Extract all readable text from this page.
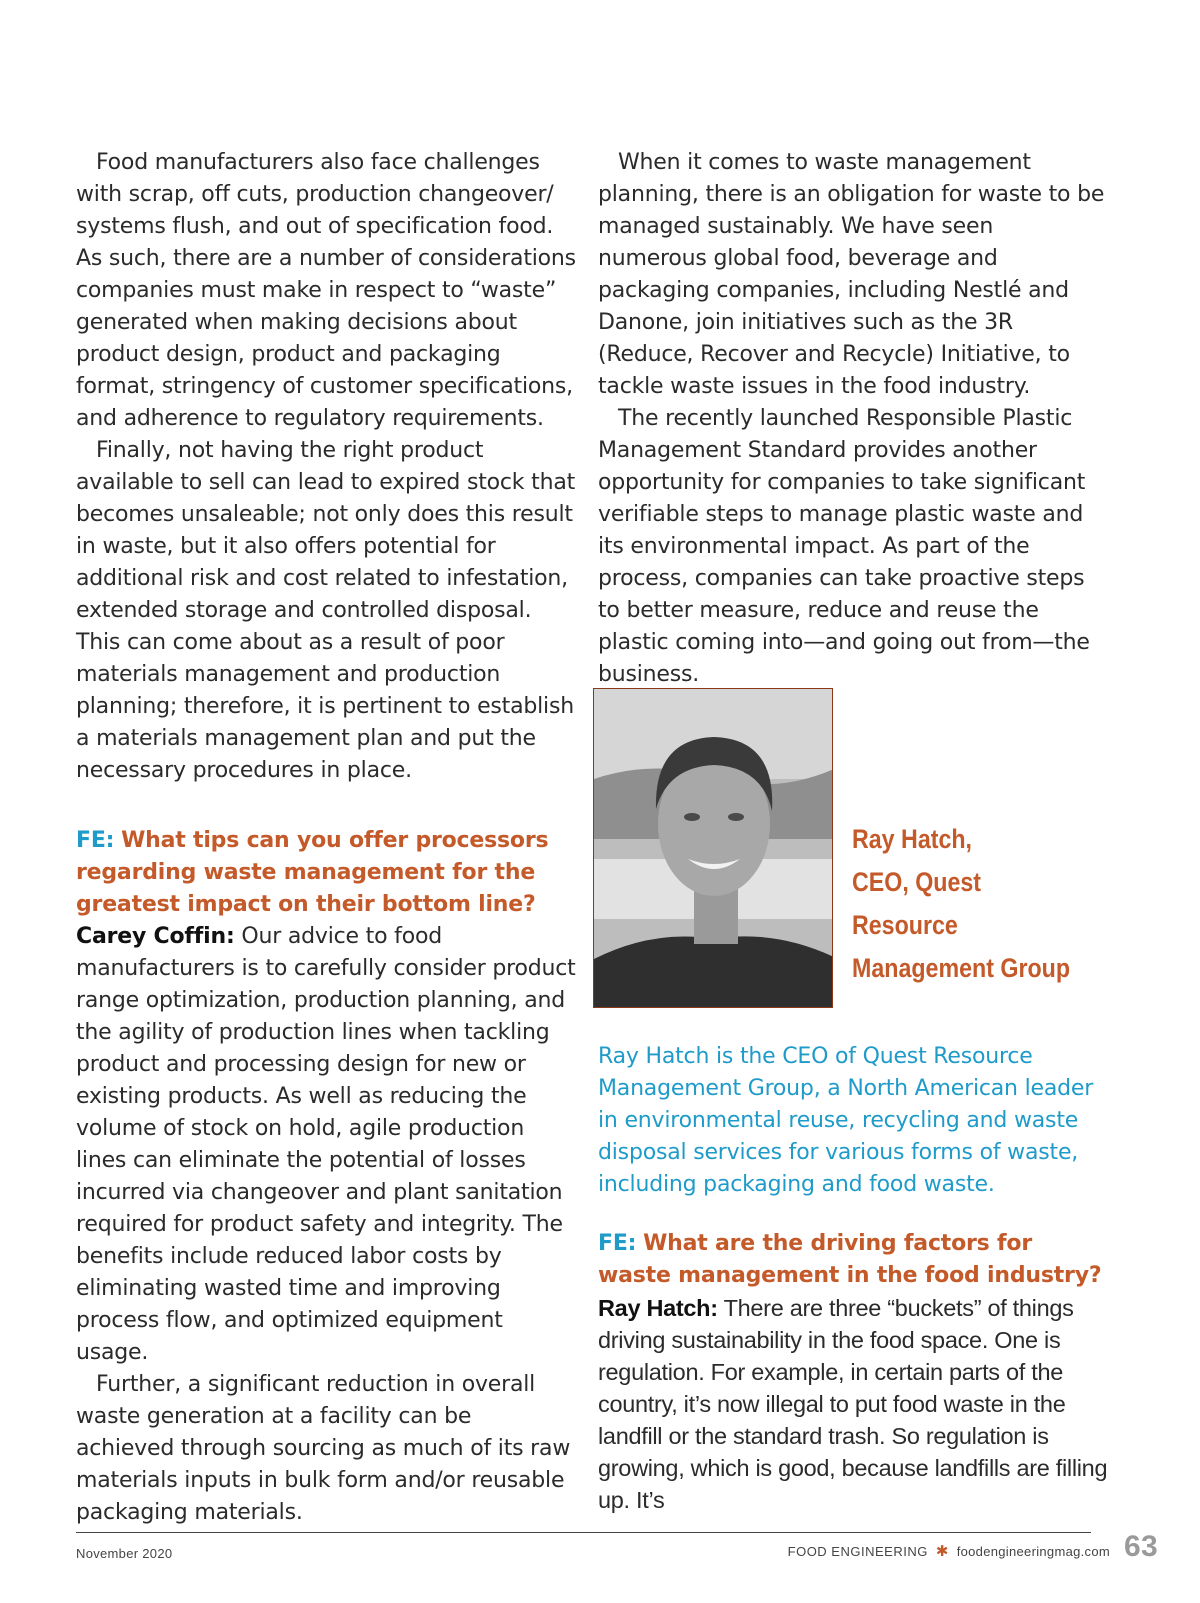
Food manufacturers also face challenges with scrap, off cuts, production changeover/ systems flush, and out of specification food. As such, there are a number of considerations companies must make in respect to “waste” generated when making decisions about product design, product and packaging format, stringency of customer specifications, and adherence to regulatory requirements.

Finally, not having the right product available to sell can lead to expired stock that becomes unsaleable; not only does this result in waste, but it also offers potential for additional risk and cost related to infestation, extended storage and controlled disposal. This can come about as a result of poor materials management and production planning; therefore, it is pertinent to establish a materials management plan and put the necessary procedures in place.

FE: What tips can you offer processors regarding waste management for the greatest impact on their bottom line?

Carey Coffin: Our advice to food manufacturers is to carefully consider product range optimization, production planning, and the agility of production lines when tackling product and processing design for new or existing products. As well as reducing the volume of stock on hold, agile production lines can eliminate the potential of losses incurred via changeover and plant sanitation required for product safety and integrity. The benefits include reduced labor costs by eliminating wasted time and improving process flow, and optimized equipment usage.

Further, a significant reduction in overall waste generation at a facility can be achieved through sourcing as much of its raw materials inputs in bulk form and/or reusable packaging materials.

When it comes to waste management planning, there is an obligation for waste to be managed sustainably. We have seen numerous global food, beverage and packaging companies, including Nestlé and Danone, join initiatives such as the 3R (Reduce, Recover and Recycle) Initiative, to tackle waste issues in the food industry.

The recently launched Responsible Plastic Management Standard provides another opportunity for companies to take significant verifiable steps to manage plastic waste and its environmental impact. As part of the process, companies can take proactive steps to better measure, reduce and reuse the plastic coming into—and going out from—the business.

Ray Hatch,
CEO, Quest
Resource
Management Group
Ray Hatch is the CEO of Quest Resource Management Group, a North American leader in environmental reuse, recycling and waste disposal services for various forms of waste, including packaging and food waste.

FE: What are the driving factors for waste management in the food industry?

Ray Hatch: There are three “buckets” of things driving sustainability in the food space. One is regulation. For example, in certain parts of the country, it’s now illegal to put food waste in the landfill or the standard trash. So regulation is growing, which is good, because landfills are filling up. It’s

November 2020	FOOD ENGINEERING ✱ foodengineeringmag.com 63
